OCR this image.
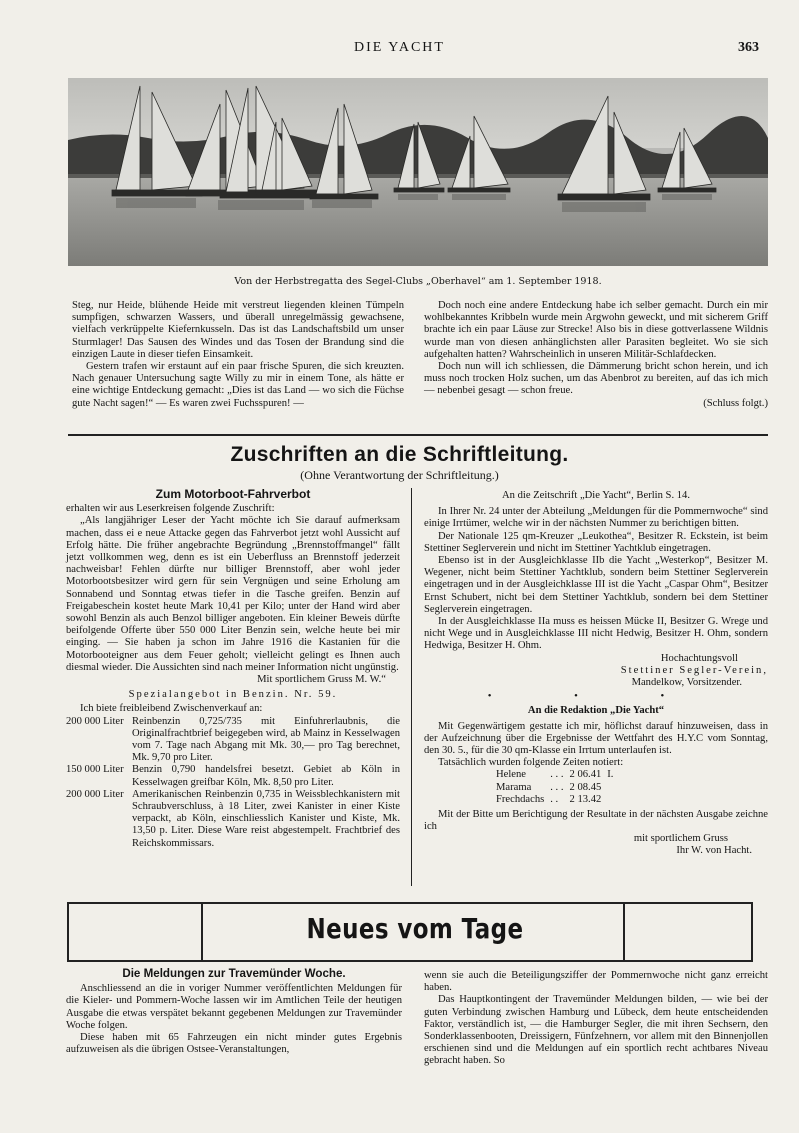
DIE YACHT	363
Von der Herbstregatta des Segel-Clubs „Oberhavel“ am 1. September 1918.

Steg, nur Heide, blühende Heide mit verstreut liegenden kleinen Tümpeln sumpfigen, schwarzen Wassers, und überall unregelmässig gewachsene, vielfach verkrüppelte Kiefernkusseln. Das ist das Landschaftsbild um unser Sturmlager! Das Sausen des Windes und das Tosen der Brandung sind die einzigen Laute in dieser tiefen Einsamkeit.

Gestern trafen wir erstaunt auf ein paar frische Spuren, die sich kreuzten. Nach genauer Untersuchung sagte Willy zu mir in einem Tone, als hätte er eine wichtige Entdeckung gemacht: „Dies ist das Land — wo sich die Füchse gute Nacht sagen!“ — Es waren zwei Fuchsspuren! —

Doch noch eine andere Entdeckung habe ich selber gemacht. Durch ein mir wohlbekanntes Kribbeln wurde mein Argwohn geweckt, und mit sicherem Griff brachte ich ein paar Läuse zur Strecke! Also bis in diese gottverlassene Wildnis wurde man von diesen anhänglichsten aller Parasiten begleitet. Wo sie sich aufgehalten hatten? Wahrscheinlich in unseren Militär-Schlafdecken.

Doch nun will ich schliessen, die Dämmerung bricht schon herein, und ich muss noch trocken Holz suchen, um das Abenbrot zu bereiten, auf das ich mich — nebenbei gesagt — schon freue.

(Schluss folgt.)
Zuschriften an die Schriftleitung.
(Ohne Verantwortung der Schriftleitung.)
Zum Motorboot-Fahrverbot

erhalten wir aus Leserkreisen folgende Zuschrift:

„Als langjähriger Leser der Yacht möchte ich Sie darauf aufmerksam machen, dass ei e neue Attacke gegen das Fahrverbot jetzt wohl Aussicht auf Erfolg hätte. Die früher angebrachte Begründung „Brennstoffmangel“ fällt jetzt vollkommen weg, denn es ist ein Ueberfluss an Brennstoff jederzeit nachweisbar! Fehlen dürfte nur billiger Brennstoff, aber wohl jeder Motorbootsbesitzer wird gern für sein Vergnügen und seine Erholung am Sonnabend und Sonntag etwas tiefer in die Tasche greifen. Benzin auf Freigabeschein kostet heute Mark 10,41 per Kilo; unter der Hand wird aber sowohl Benzin als auch Benzol billiger angeboten. Ein kleiner Beweis dürfte beifolgende Offerte über 550 000 Liter Benzin sein, welche heute bei mir einging. — Sie haben ja schon im Jahre 1916 die Kastanien für die Motorbooteigner aus dem Feuer geholt; vielleicht gelingt es Ihnen auch diesmal wieder. Die Aussichten sind nach meiner Information nicht ungünstig.

Mit sportlichem Gruss M. W.“
Spezialangebot in Benzin. Nr. 59.

Ich biete freibleibend Zwischenverkauf an:

200 000 Liter	Reinbenzin 0,725/735 mit Einfuhrerlaubnis, die Originalfrachtbrief beigegeben wird, ab Mainz in Kesselwagen vom 7. Tage nach Abgang mit Mk. 30,— pro Tag berechnet, Mk. 9,70 pro Liter.
150 000 Liter	Benzin 0,790 handelsfrei besetzt. Gebiet ab Köln in Kesselwagen greifbar Köln, Mk. 8,50 pro Liter.
200 000 Liter	Amerikanischen Reinbenzin 0,735 in Weissblechkanistern mit Schraubverschluss, à 18 Liter, zwei Kanister in einer Kiste verpackt, ab Köln, einschliesslich Kanister und Kiste, Mk. 13,50 p. Liter. Diese Ware reist abgestempelt. Frachtbrief des Reichskommissars.
An die Zeitschrift „Die Yacht“, Berlin S. 14.

In Ihrer Nr. 24 unter der Abteilung „Meldungen für die Pommernwoche“ sind einige Irrtümer, welche wir in der nächsten Nummer zu berichtigen bitten.

Der Nationale 125 qm-Kreuzer „Leukothea“, Besitzer R. Eckstein, ist beim Stettiner Seglerverein und nicht im Stettiner Yachtklub eingetragen.

Ebenso ist in der Ausgleichklasse IIb die Yacht „Westerkop“, Besitzer M. Wegener, nicht beim Stettiner Yachtklub, sondern beim Stettiner Seglerverein eingetragen und in der Ausgleichklasse III ist die Yacht „Caspar Ohm“, Besitzer Ernst Schubert, nicht bei dem Stettiner Yachtklub, sondern bei dem Stettiner Seglerverein eingetragen.

In der Ausgleichklasse IIa muss es heissen Mücke II, Besitzer G. Wrege und nicht Wege und in Ausgleichklasse III nicht Hedwig, Besitzer H. Ohm, sondern Hedwiga, Besitzer H. Ohm.

Hochachtungsvoll
Stettiner Segler-Verein,
Mandelkow, Vorsitzender.
• • •
An die Redaktion „Die Yacht“

Mit Gegenwärtigem gestatte ich mir, höflichst darauf hinzuweisen, dass in der Aufzeichnung über die Ergebnisse der Wettfahrt des H.Y.C vom Sonntag, den 30. 5., für die 30 qm-Klasse ein Irrtum unterlaufen ist.

Tatsächlich wurden folgende Zeiten notiert:

Helene	. . .	2 06.41	I.
Marama	. . .	2 08.45	
Frechdachs	. .	2 13.42	

Mit der Bitte um Berichtigung der Resultate in der nächsten Ausgabe zeichne ich

mit sportlichem Gruss
Ihr W. von Hacht.
Neues vom Tage
Die Meldungen zur Travemünder Woche.

Anschliessend an die in voriger Nummer veröffentlichten Meldungen für die Kieler- und Pommern-Woche lassen wir im Amtlichen Teile der heutigen Ausgabe die etwas verspätet bekannt gegebenen Meldungen zur Travemünder Woche folgen.

Diese haben mit 65 Fahrzeugen ein nicht minder gutes Ergebnis aufzuweisen als die übrigen Ostsee-Veranstaltungen,

wenn sie auch die Beteiligungsziffer der Pommernwoche nicht ganz erreicht haben.

Das Hauptkontingent der Travemünder Meldungen bilden, — wie bei der guten Verbindung zwischen Hamburg und Lübeck, dem heute entscheidenden Faktor, verständlich ist, — die Hamburger Segler, die mit ihren Sechsern, den Sonderklassenbooten, Dreissigern, Fünfzehnern, vor allem mit den Binnenjollen erschienen sind und die Meldungen auf ein sportlich recht achtbares Niveau gebracht haben. So
